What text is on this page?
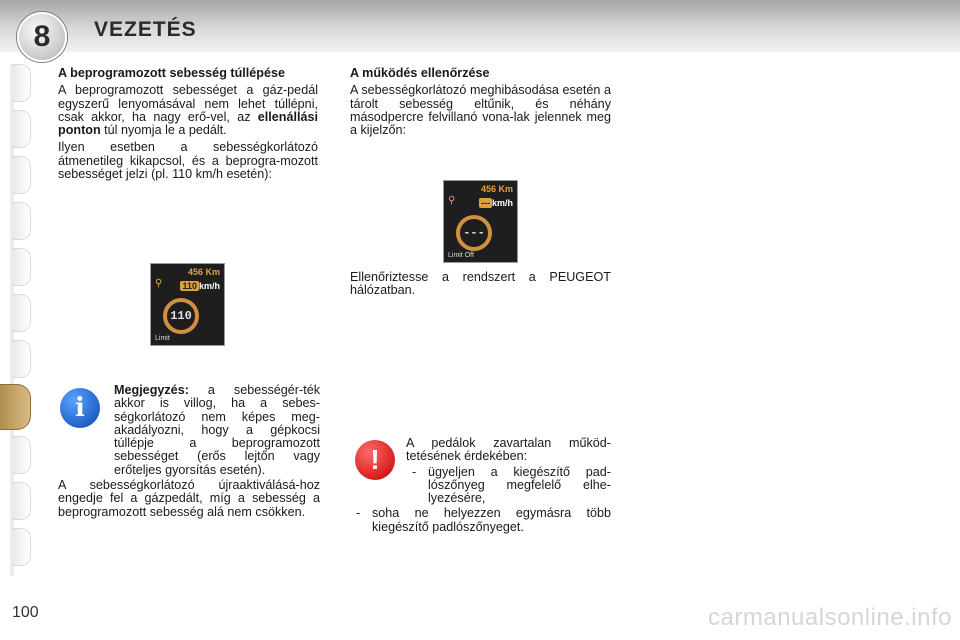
8	VEZETÉS

A beprogramozott sebesség túllépése

A beprogramozott sebességet a gáz-pedál egyszerű lenyomásával nem lehet túllépni, csak akkor, ha nagy erő-vel, az ellenállási ponton túl nyomja le a pedált.

Ilyen esetben a sebességkorlátozó átmenetileg kikapcsol, és a beprogra-mozott sebességet jelzi (pl. 110 km/h esetén):

⚲
456 Km
110 km/h
110
Limit
i

Megjegyzés: a sebességér-ték akkor is villog, ha a sebes-ségkorlátozó nem képes meg-akadályozni, hogy a gépkocsi túllépje a beprogramozott sebességet (erős lejtőn vagy erőteljes gyorsítás esetén).

A sebességkorlátozó újraaktiválásá-hoz engedje fel a gázpedált, míg a sebesség a beprogramozott sebesség alá nem csökken.

A működés ellenőrzése

A sebességkorlátozó meghibásodása esetén a tárolt sebesség eltűnik, és néhány másodpercre felvillanó vona-lak jelennek meg a kijelzőn:

⚲
456 Km
--- km/h
---
Limit Off

Ellenőriztesse a rendszert a PEUGEOT hálózatban.

!

A pedálok zavartalan működ-tetésének érdekében:

- ügyeljen a kiegészítő pad-lószőnyeg megfelelő elhe-lyezésére,

- soha ne helyezzen egymásra több kiegészítő padlószőnyeget.

100	carmanualsonline.info
